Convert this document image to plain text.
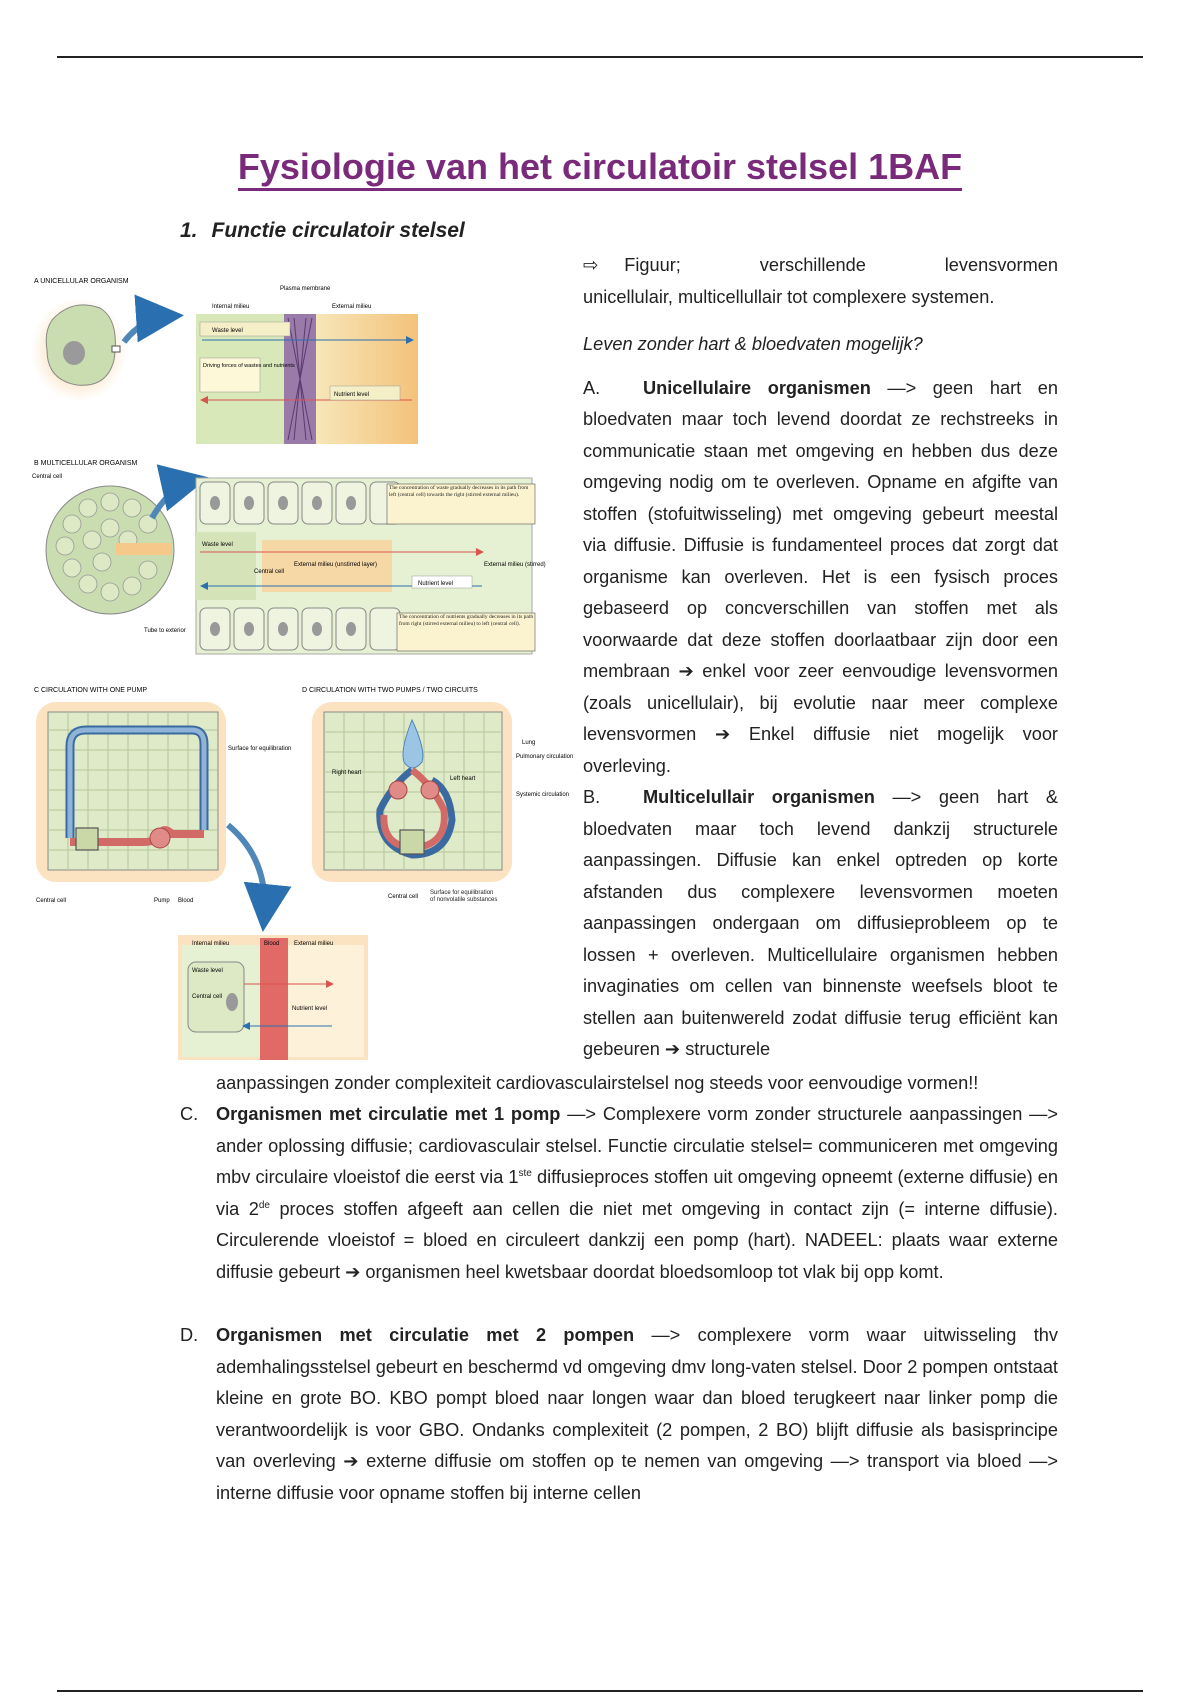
Fysiologie van het circulatoir stelsel 1BAF
1. Functie circulatoir stelsel
A UNICELLULAR ORGANISM
Internal milieu
Plasma membrane
External milieu
Waste level
Driving forces of wastes and nutrients
Nutrient level
B MULTICELLULAR ORGANISM
Central cell
Tube to exterior
Waste level
Central cell
External milieu (unstirred layer)	External milieu (stirred)
Nutrient level
The concentration of waste gradually decreases in its path from left (central cell) towards the right (stirred external milieu).
The concentration of nutrients gradually decreases in its path from right (stirred external milieu) to left (central cell).
C CIRCULATION WITH ONE PUMP
Surface for equilibration
Central cell	Pump Blood
Internal milieu	Blood External milieu
Waste level
Central cell
Nutrient level
D CIRCULATION WITH TWO PUMPS / TWO CIRCUITS
Lung
Pulmonary circulation
Systemic circulation
Right heart
Left heart
Central cell
Surface for equilibration of nonvolatile substances

⇨ Figuur; verschillende levensvormen

unicellulair, multicellullair tot complexere systemen.

Leven zonder hart & bloedvaten mogelijk?

A. Unicellulaire organismen —> geen hart en bloedvaten maar toch levend doordat ze rechstreeks in communicatie staan met omgeving en hebben dus deze omgeving nodig om te overleven. Opname en afgifte van stoffen (stofuitwisseling) met omgeving gebeurt meestal via diffusie. Diffusie is fundamenteel proces dat zorgt dat organisme kan overleven. Het is een fysisch proces gebaseerd op concverschillen van stoffen met als voorwaarde dat deze stoffen doorlaatbaar zijn door een membraan ➔ enkel voor zeer eenvoudige levensvormen (zoals unicellulair), bij evolutie naar meer complexe levensvormen ➔ Enkel diffusie niet mogelijk voor overleving.

B. Multicelullair organismen —> geen hart & bloedvaten maar toch levend dankzij structurele aanpassingen. Diffusie kan enkel optreden op korte afstanden dus complexere levensvormen moeten aanpassingen ondergaan om diffusieprobleem op te lossen + overleven. Multicellulaire organismen hebben invaginaties om cellen van binnenste weefsels bloot te stellen aan buitenwereld zodat diffusie terug efficiënt kan gebeuren ➔ structurele

aanpassingen zonder complexiteit cardiovasculairstelsel nog steeds voor eenvoudige vormen!!
C. Organismen met circulatie met 1 pomp —> Complexere vorm zonder structurele aanpassingen —> ander oplossing diffusie; cardiovasculair stelsel. Functie circulatie stelsel= communiceren met omgeving mbv circulaire vloeistof die eerst via 1ste diffusieproces stoffen uit omgeving opneemt (externe diffusie) en via 2de proces stoffen afgeeft aan cellen die niet met omgeving in contact zijn (= interne diffusie). Circulerende vloeistof = bloed en circuleert dankzij een pomp (hart). NADEEL: plaats waar externe diffusie gebeurt ➔ organismen heel kwetsbaar doordat bloedsomloop tot vlak bij opp komt.
D. Organismen met circulatie met 2 pompen —> complexere vorm waar uitwisseling thv ademhalingsstelsel gebeurt en beschermd vd omgeving dmv long-vaten stelsel. Door 2 pompen ontstaat kleine en grote BO. KBO pompt bloed naar longen waar dan bloed terugkeert naar linker pomp die verantwoordelijk is voor GBO. Ondanks complexiteit (2 pompen, 2 BO) blijft diffusie als basisprincipe van overleving ➔ externe diffusie om stoffen op te nemen van omgeving —> transport via bloed —> interne diffusie voor opname stoffen bij interne cellen
